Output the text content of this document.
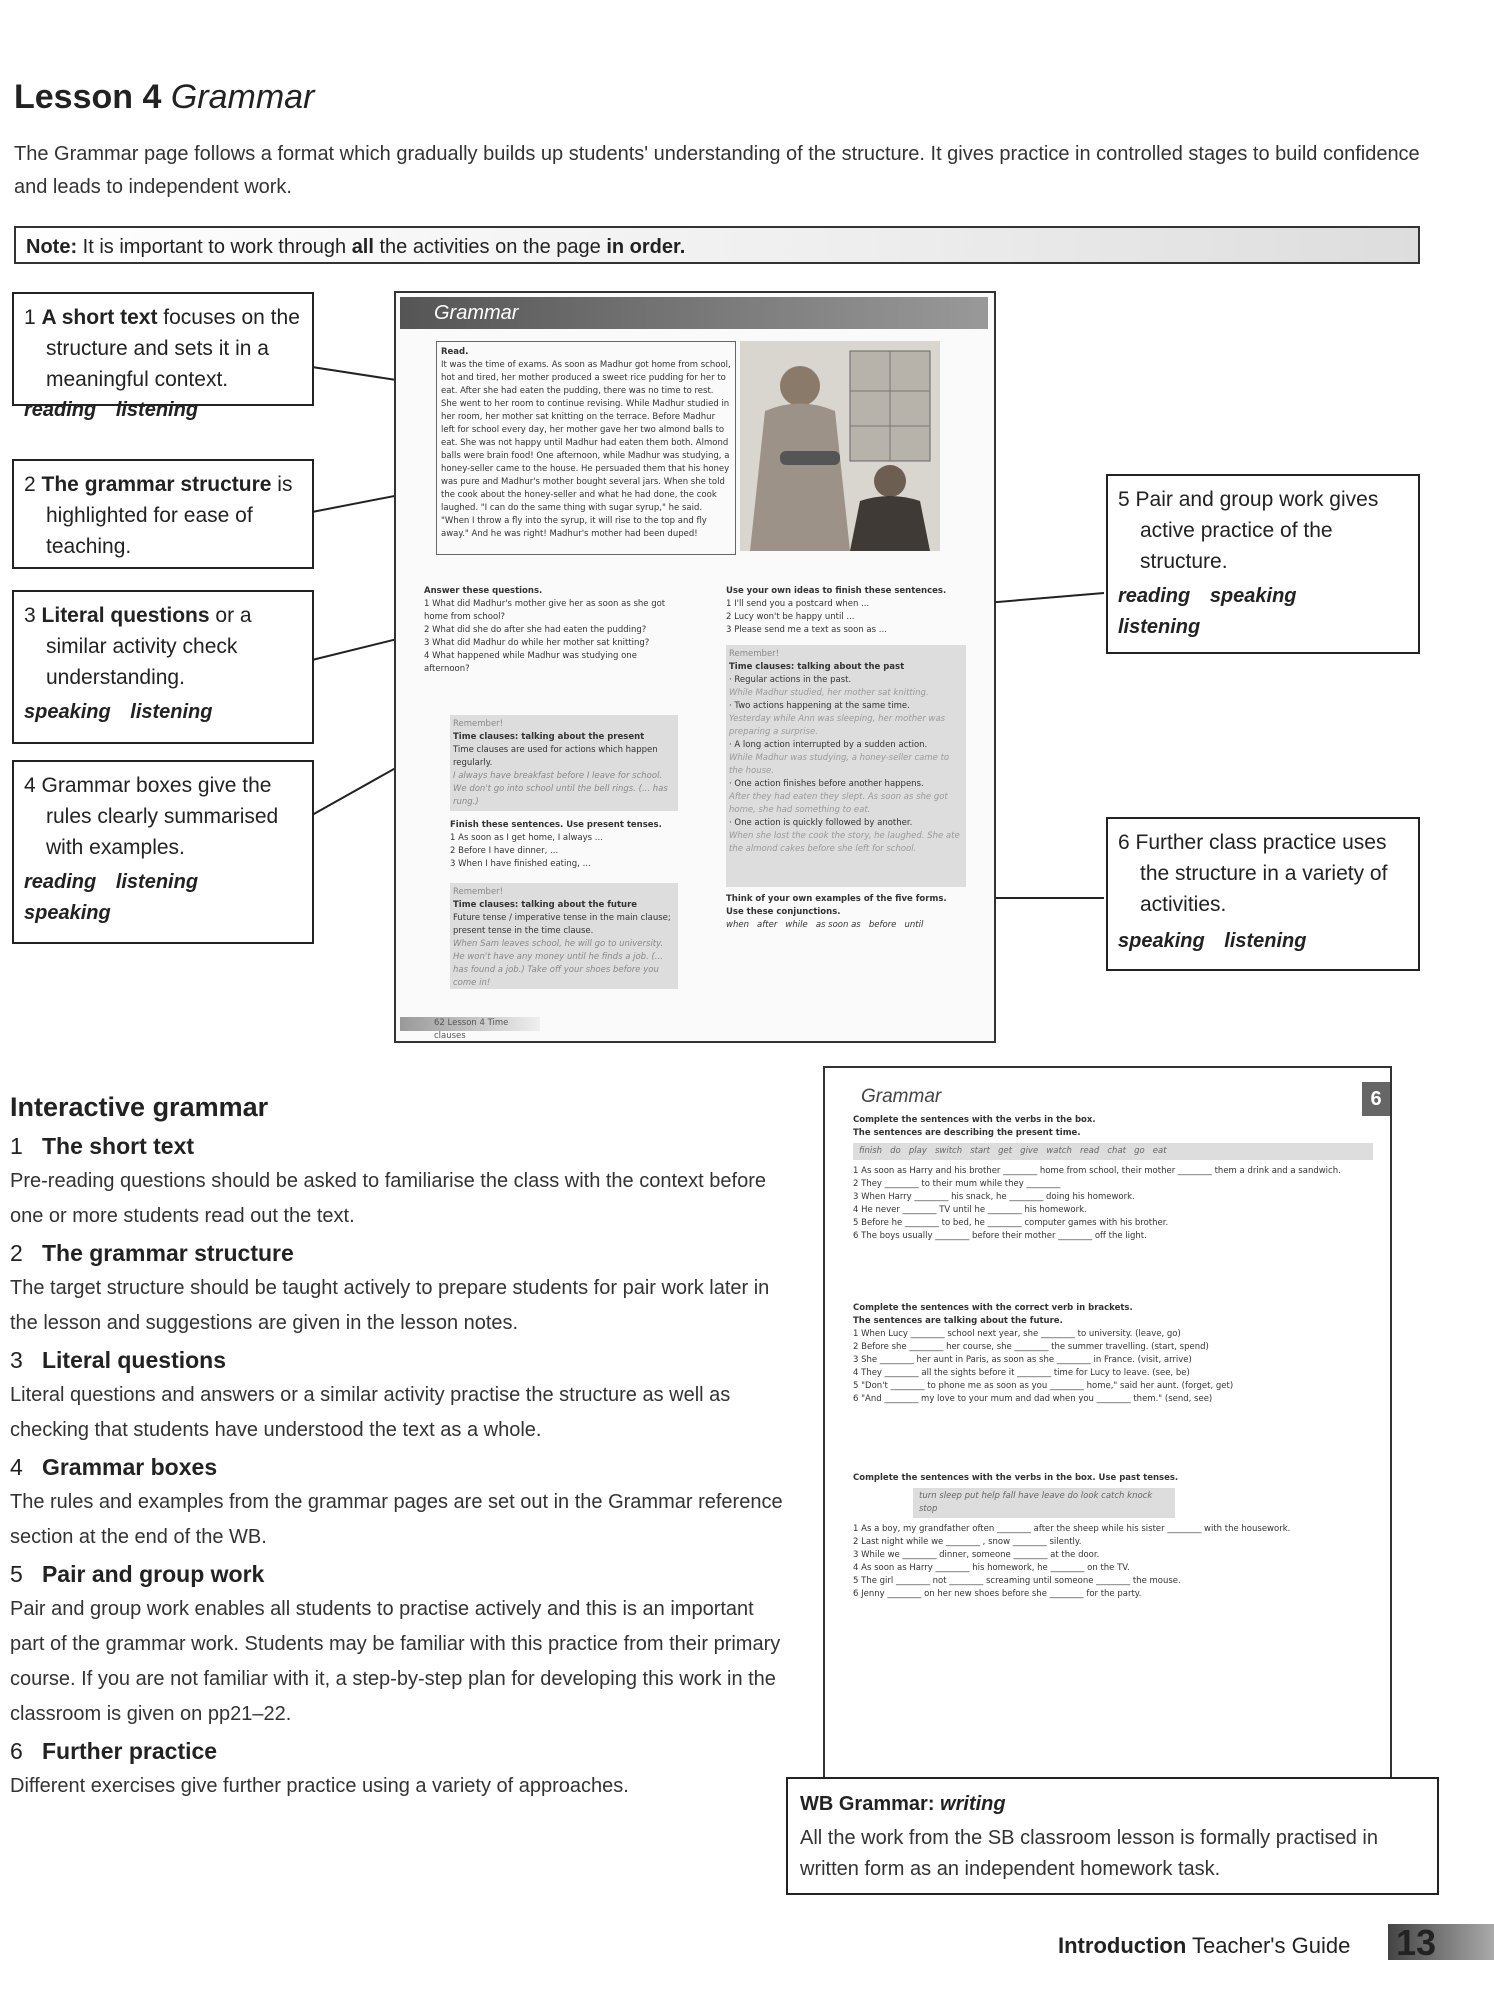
Lesson 4 Grammar
The Grammar page follows a format which gradually builds up students' understanding of the structure. It gives practice in controlled stages to build confidence and leads to independent work.
Note: It is important to work through all the activities on the page in order.
1 A short text focuses on the structure and sets it in a meaningful context.
reading listening
2 The grammar structure is highlighted for ease of teaching.
3 Literal questions or a similar activity check understanding.
speaking listening
4 Grammar boxes give the rules clearly summarised with examples.
reading listening
speaking
5 Pair and group work gives active practice of the structure.
reading speaking
listening
6 Further class practice uses the structure in a variety of activities.
speaking listening
Grammar
Read.
It was the time of exams. As soon as Madhur got home from school, hot and tired, her mother produced a sweet rice pudding for her to eat. After she had eaten the pudding, there was no time to rest. She went to her room to continue revising. While Madhur studied in her room, her mother sat knitting on the terrace. Before Madhur left for school every day, her mother gave her two almond balls to eat. She was not happy until Madhur had eaten them both. Almond balls were brain food! One afternoon, while Madhur was studying, a honey-seller came to the house. He persuaded them that his honey was pure and Madhur's mother bought several jars. When she told the cook about the honey-seller and what he had done, the cook laughed. "I can do the same thing with sugar syrup," he said. "When I throw a fly into the syrup, it will rise to the top and fly away." And he was right! Madhur's mother had been duped!
Answer these questions.
1 What did Madhur's mother give her as soon as she got home from school?
2 What did she do after she had eaten the pudding?
3 What did Madhur do while her mother sat knitting?
4 What happened while Madhur was studying one afternoon?
Remember!
Time clauses: talking about the present
Time clauses are used for actions which happen regularly.
I always have breakfast before I leave for school. We don't go into school until the bell rings. (... has rung.)
Finish these sentences. Use present tenses.
1 As soon as I get home, I always ...
2 Before I have dinner, ...
3 When I have finished eating, ...
Remember!
Time clauses: talking about the future
Future tense / imperative tense in the main clause; present tense in the time clause.
When Sam leaves school, he will go to university. He won't have any money until he finds a job. (... has found a job.) Take off your shoes before you come in!
Use your own ideas to finish these sentences.
1 I'll send you a postcard when ...
2 Lucy won't be happy until ...
3 Please send me a text as soon as ...
Remember!
Time clauses: talking about the past
· Regular actions in the past.
While Madhur studied, her mother sat knitting.
· Two actions happening at the same time.
Yesterday while Ann was sleeping, her mother was preparing a surprise.
· A long action interrupted by a sudden action.
While Madhur was studying, a honey-seller came to the house.
· One action finishes before another happens.
After they had eaten they slept. As soon as she got home, she had something to eat.
· One action is quickly followed by another.
When she lost the cook the story, he laughed. She ate the almond cakes before she left for school.
Think of your own examples of the five forms. Use these conjunctions.
when   after   while   as soon as   before   until
62 Lesson 4 Time clauses
Grammar	6
Complete the sentences with the verbs in the box.
The sentences are describing the present time.
finish   do   play   switch   start   get   give   watch   read   chat   go   eat
1 As soon as Harry and his brother ________ home from school, their mother ________ them a drink and a sandwich.
2 They ________ to their mum while they ________
3 When Harry ________ his snack, he ________ doing his homework.
4 He never ________ TV until he ________ his homework.
5 Before he ________ to bed, he ________ computer games with his brother.
6 The boys usually ________ before their mother ________ off the light.
Complete the sentences with the correct verb in brackets.
The sentences are talking about the future.
1 When Lucy ________ school next year, she ________ to university. (leave, go)
2 Before she ________ her course, she ________ the summer travelling. (start, spend)
3 She ________ her aunt in Paris, as soon as she ________ in France. (visit, arrive)
4 They ________ all the sights before it ________ time for Lucy to leave. (see, be)
5 "Don't ________ to phone me as soon as you ________ home," said her aunt. (forget, get)
6 "And ________ my love to your mum and dad when you ________ them." (send, see)
Complete the sentences with the verbs in the box. Use past tenses.
turn sleep put help fall have leave do look catch knock stop
1 As a boy, my grandfather often ________ after the sheep while his sister ________ with the housework.
2 Last night while we ________ , snow ________ silently.
3 While we ________ dinner, someone ________ at the door.
4 As soon as Harry ________ his homework, he ________ on the TV.
5 The girl ________ not ________ screaming until someone ________ the mouse.
6 Jenny ________ on her new shoes before she ________ for the party.
Interactive grammar
1 The short text
Pre-reading questions should be asked to familiarise the class with the context before one or more students read out the text.
2 The grammar structure
The target structure should be taught actively to prepare students for pair work later in the lesson and suggestions are given in the lesson notes.
3 Literal questions
Literal questions and answers or a similar activity practise the structure as well as checking that students have understood the text as a whole.
4 Grammar boxes
The rules and examples from the grammar pages are set out in the Grammar reference section at the end of the WB.
5 Pair and group work
Pair and group work enables all students to practise actively and this is an important part of the grammar work. Students may be familiar with this practice from their primary course. If you are not familiar with it, a step-by-step plan for developing this work in the classroom is given on pp21–22.
6 Further practice
Different exercises give further practice using a variety of approaches.
WB Grammar: writing
All the work from the SB classroom lesson is formally practised in written form as an independent homework task.
Introduction Teacher's Guide 13
